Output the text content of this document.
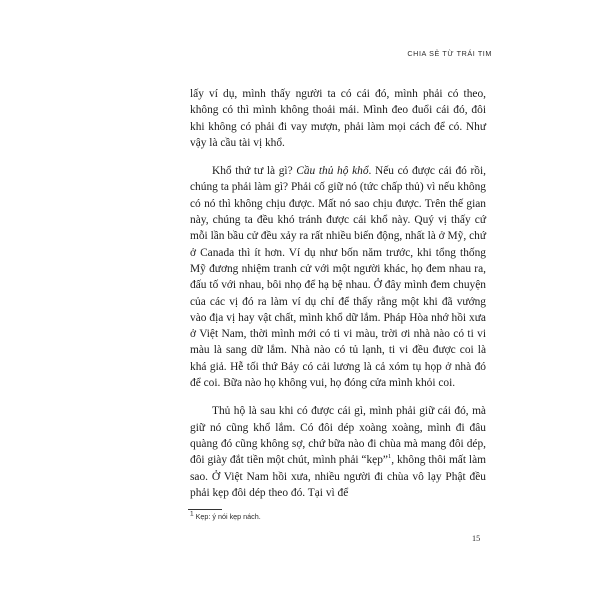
CHIA SẺ TỪ TRÁI TIM

lấy ví dụ, mình thấy người ta có cái đó, mình phải có theo, không có thì mình không thoải mái. Mình đeo đuổi cái đó, đôi khi không có phải đi vay mượn, phải làm mọi cách để có. Như vậy là cầu tài vị khổ.

Khổ thứ tư là gì? Cầu thủ hộ khổ. Nếu có được cái đó rồi, chúng ta phải làm gì? Phải cố giữ nó (tức chấp thủ) vì nếu không có nó thì không chịu được. Mất nó sao chịu được. Trên thế gian này, chúng ta đều khó tránh được cái khổ này. Quý vị thấy cứ mỗi lần bầu cử đều xảy ra rất nhiều biến động, nhất là ở Mỹ, chứ ở Canada thì ít hơn. Ví dụ như bốn năm trước, khi tổng thống Mỹ đương nhiệm tranh cử với một người khác, họ đem nhau ra, đấu tố với nhau, bôi nhọ để hạ bệ nhau. Ở đây mình đem chuyện của các vị đó ra làm ví dụ chỉ để thấy rằng một khi đã vướng vào địa vị hay vật chất, mình khổ dữ lắm. Pháp Hòa nhớ hồi xưa ở Việt Nam, thời mình mới có ti vi màu, trời ơi nhà nào có ti vi màu là sang dữ lắm. Nhà nào có tủ lạnh, ti vi đều được coi là khá giả. Hễ tối thứ Bảy có cải lương là cả xóm tụ họp ở nhà đó để coi. Bữa nào họ không vui, họ đóng cửa mình khỏi coi.

Thủ hộ là sau khi có được cái gì, mình phải giữ cái đó, mà giữ nó cũng khổ lắm. Có đôi dép xoàng xoàng, mình đi đâu quàng đó cũng không sợ, chứ bữa nào đi chùa mà mang đôi dép, đôi giày đắt tiền một chút, mình phải “kẹp”$^1$, không thôi mất làm sao. Ở Việt Nam hồi xưa, nhiều người đi chùa vô lạy Phật đều phải kẹp đôi dép theo đó. Tại vì để

$^1$ Kẹp: ý nói kẹp nách.
15
